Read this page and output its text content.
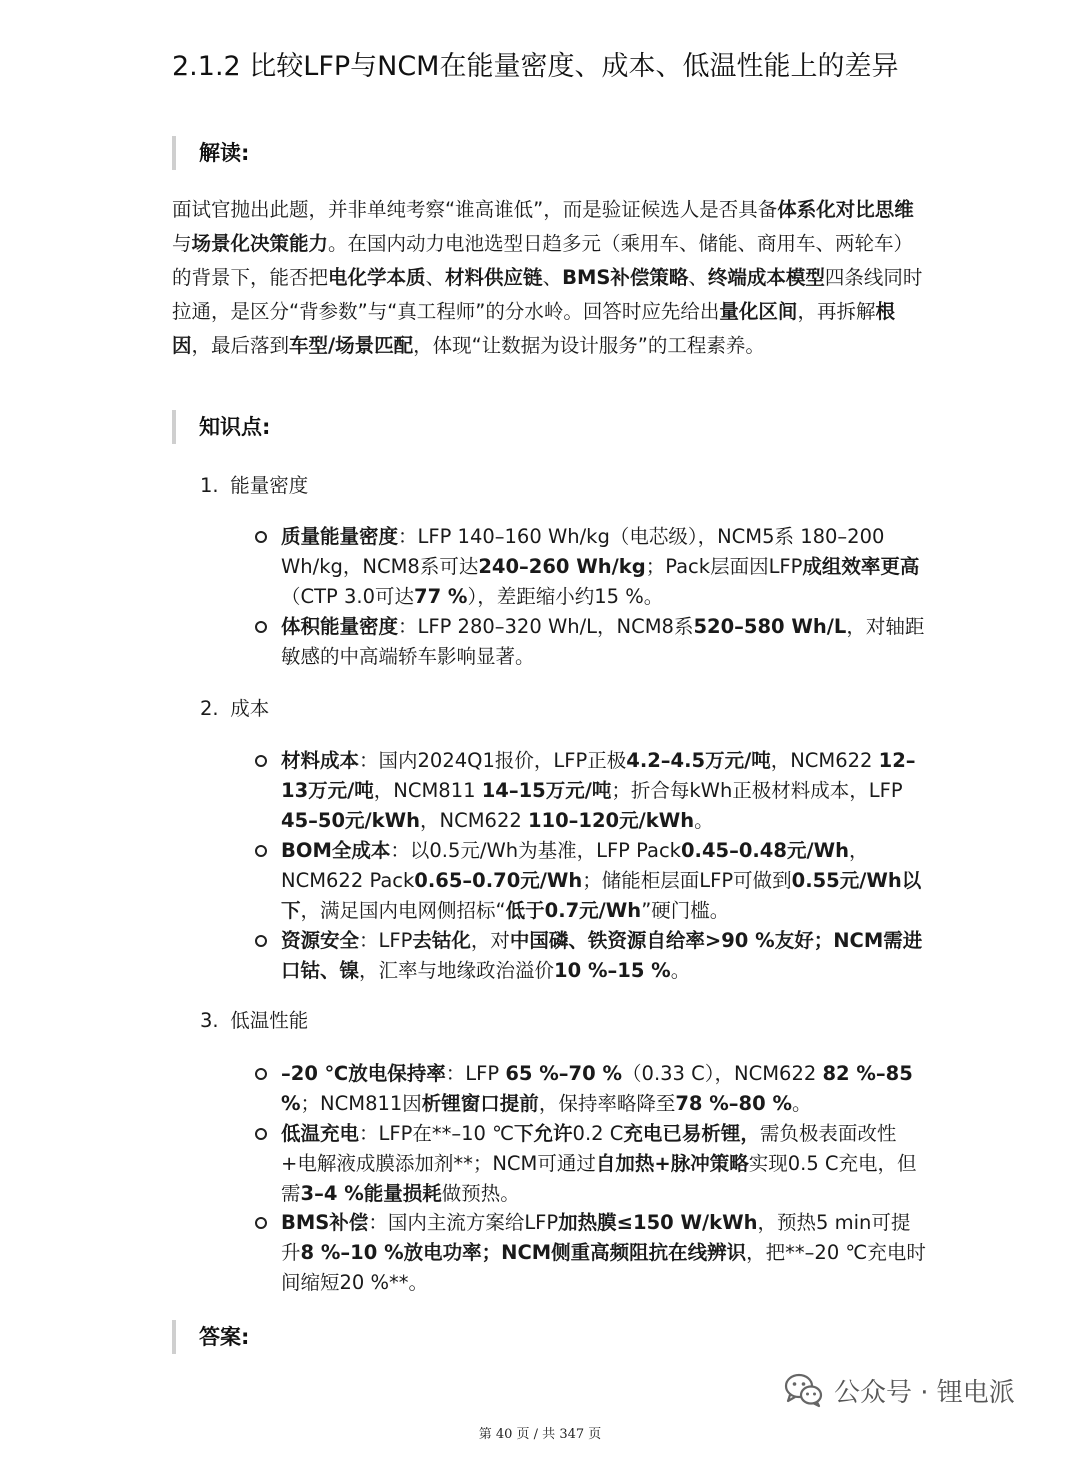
2.1.2 比较LFP与NCM在能量密度、成本、低温性能上的差异
解读:

面试官抛出此题，并非单纯考察“谁高谁低”，而是验证候选人是否具备体系化对比思维与场景化决策能力。在国内动力电池选型日趋多元（乘用车、储能、商用车、两轮车）的背景下，能否把电化学本质、材料供应链、BMS补偿策略、终端成本模型四条线同时拉通，是区分“背参数”与“真工程师”的分水岭。回答时应先给出量化区间，再拆解根因，最后落到车型/场景匹配，体现“让数据为设计服务”的工程素养。

知识点:
1. 能量密度
质量能量密度：LFP 140–160 Wh/kg（电芯级），NCM5系 180–200 Wh/kg，NCM8系可达240–260 Wh/kg；Pack层面因LFP成组效率更高（CTP 3.0可达77 %），差距缩小约15 %。
体积能量密度：LFP 280–320 Wh/L，NCM8系520–580 Wh/L，对轴距敏感的中高端轿车影响显著。
2. 成本
材料成本：国内2024Q1报价，LFP正极4.2–4.5万元/吨，NCM622 12–13万元/吨，NCM811 14–15万元/吨；折合每kWh正极材料成本，LFP 45–50元/kWh，NCM622 110–120元/kWh。
BOM全成本：以0.5元/Wh为基准，LFP Pack0.45–0.48元/Wh，NCM622 Pack0.65–0.70元/Wh；储能柜层面LFP可做到0.55元/Wh以下，满足国内电网侧招标“低于0.7元/Wh”硬门槛。
资源安全：LFP去钴化，对中国磷、铁资源自给率>90 %友好；NCM需进口钴、镍，汇率与地缘政治溢价10 %–15 %。
3. 低温性能
–20 ℃放电保持率：LFP 65 %–70 %（0.33 C），NCM622 82 %–85 %；NCM811因析锂窗口提前，保持率略降至78 %–80 %。
低温充电：LFP在**–10 ℃下允许0.2 C充电已易析锂，需负极表面改性+电解液成膜添加剂**；NCM可通过自加热+脉冲策略实现0.5 C充电，但需3–4 %能量损耗做预热。
BMS补偿：国内主流方案给LFP加热膜≤150 W/kWh，预热5 min可提升8 %–10 %放电功率；NCM侧重高频阻抗在线辨识，把**–20 ℃充电时间缩短20 %**。
答案:
公众号 · 锂电派
第 40 页 / 共 347 页
